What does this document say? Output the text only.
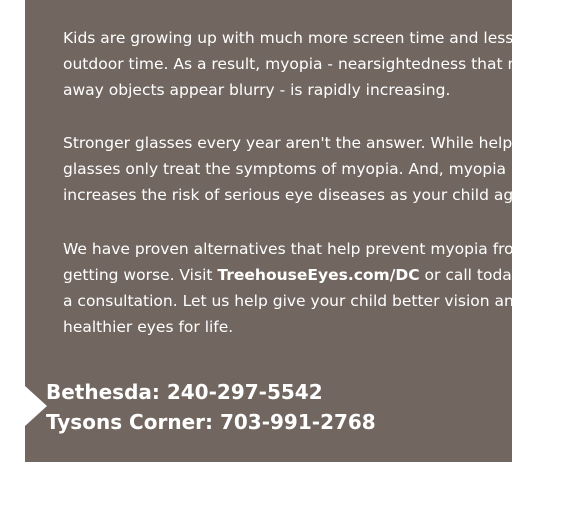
Kids are growing up with much more screen time and less
outdoor time. As a result, myopia - nearsightedness that makes far
away objects appear blurry - is rapidly increasing.
Stronger glasses every year aren't the answer. While helpful,
glasses only treat the symptoms of myopia. And, myopia
increases the risk of serious eye diseases as your child ages.
We have proven alternatives that help prevent myopia from
getting worse. Visit TreehouseEyes.com/DC or call today for
a consultation. Let us help give your child better vision and
healthier eyes for life.
Bethesda: 240-297-5542
Tysons Corner: 703-991-2768
